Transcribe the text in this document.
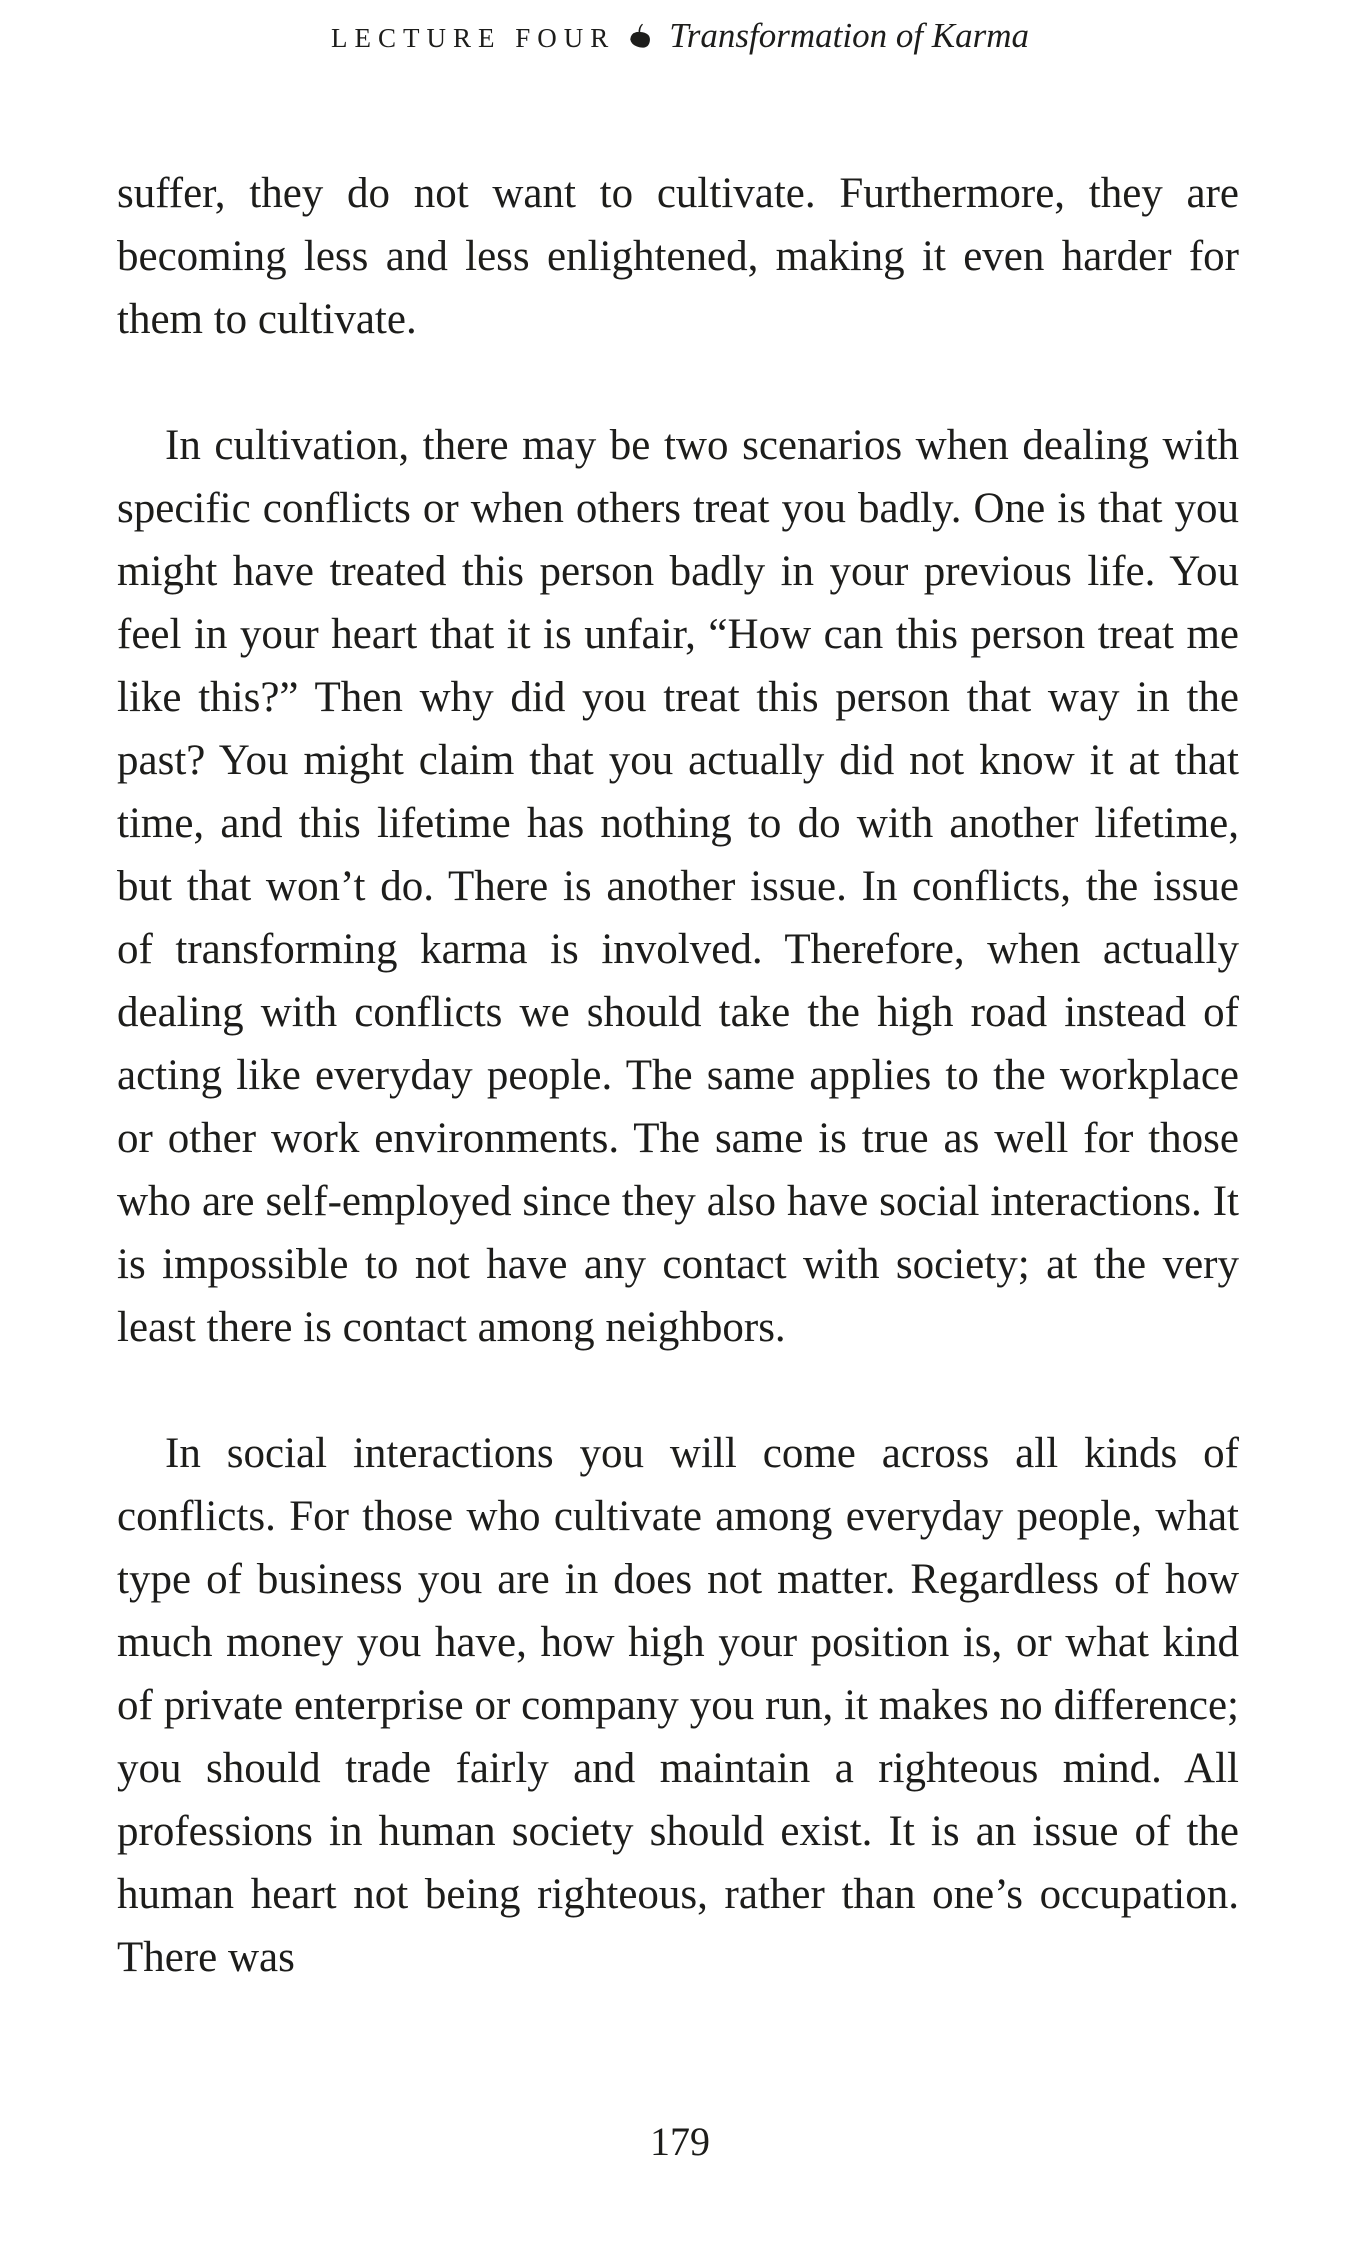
LECTURE FOUR Transformation of Karma

suffer, they do not want to cultivate. Furthermore, they are becoming less and less enlightened, making it even harder for them to cultivate.

In cultivation, there may be two scenarios when dealing with specific conflicts or when others treat you badly. One is that you might have treated this person badly in your previous life. You feel in your heart that it is unfair, “How can this person treat me like this?” Then why did you treat this person that way in the past? You might claim that you actually did not know it at that time, and this lifetime has nothing to do with another lifetime, but that won’t do. There is another issue. In conflicts, the issue of transforming karma is involved. Therefore, when actually dealing with conflicts we should take the high road instead of acting like everyday people. The same applies to the workplace or other work environments. The same is true as well for those who are self-employed since they also have social interactions. It is impossible to not have any contact with society; at the very least there is contact among neighbors.

In social interactions you will come across all kinds of conflicts. For those who cultivate among everyday people, what type of business you are in does not matter. Regardless of how much money you have, how high your position is, or what kind of private enterprise or company you run, it makes no difference; you should trade fairly and maintain a righteous mind. All professions in human society should exist. It is an issue of the human heart not being righteous, rather than one’s occupation. There was

179
